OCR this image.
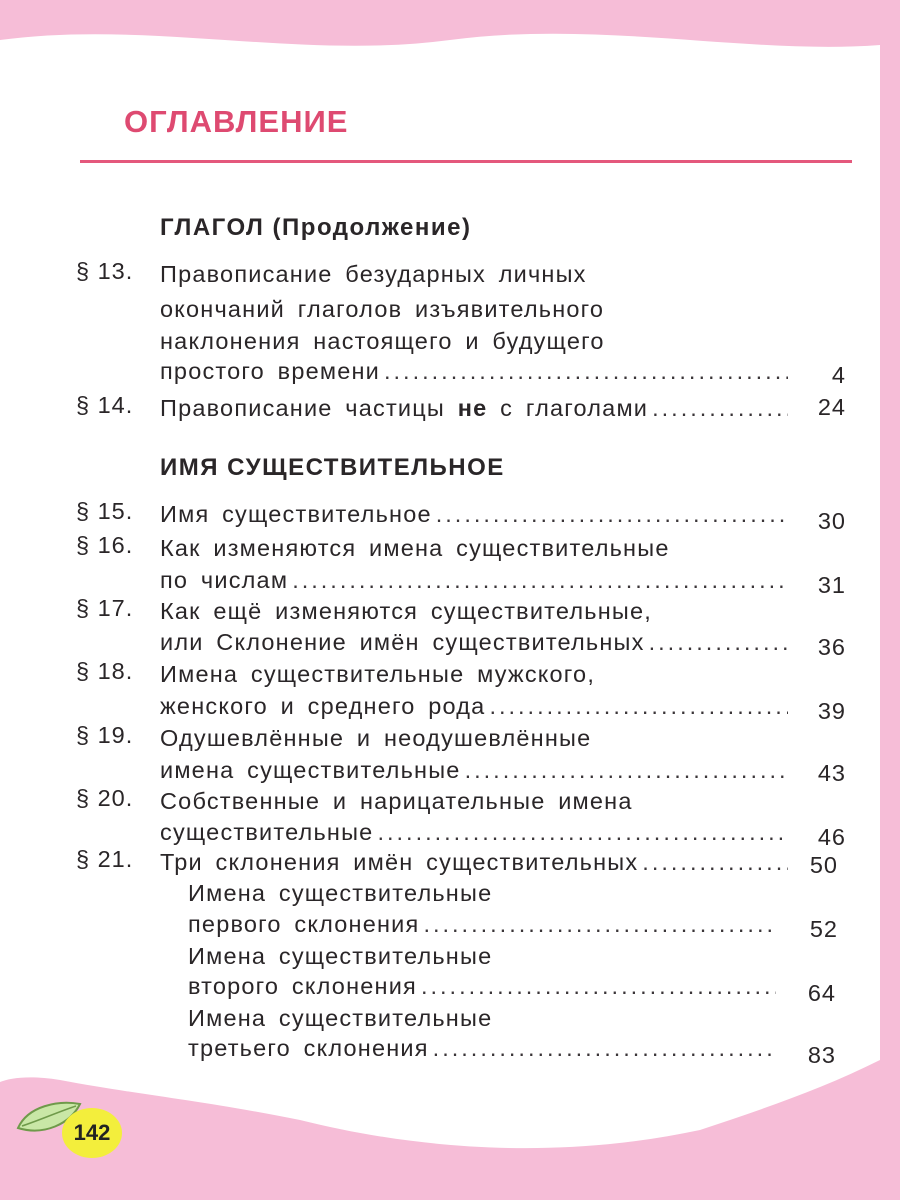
ОГЛАВЛЕНИЕ
ГЛАГОЛ (Продолжение)
§ 13. Правописание безударных личных
окончаний глаголов изъявительного
наклонения настоящего и будущего
простого времени .....	4
§ 14. Правописание частицы не с глаголами .....	24
ИМЯ СУЩЕСТВИТЕЛЬНОЕ
§ 15. Имя существительное .....	30
§ 16. Как изменяются имена существительные
по числам .....	31
§ 17. Как ещё изменяются существительные,
или Склонение имён существительных .....	36
§ 18. Имена существительные мужского,
женского и среднего рода .....	39
§ 19. Одушевлённые и неодушевлённые
имена существительные .....	43
§ 20. Собственные и нарицательные имена
существительные .....	46
§ 21. Три склонения имён существительных .....	50
Имена существительные
первого склонения .....	52
Имена существительные
второго склонения .....	64
Имена существительные
третьего склонения .....	83
142
